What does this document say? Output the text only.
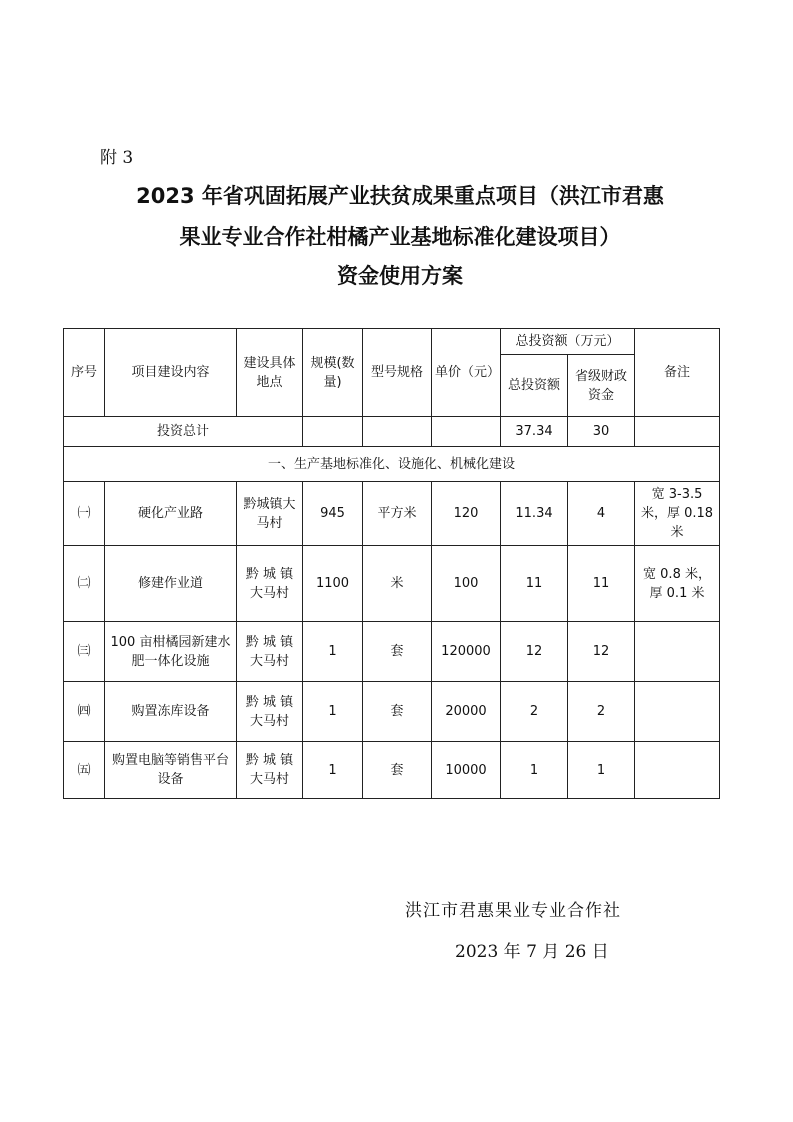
附 3
2023 年省巩固拓展产业扶贫成果重点项目（洪江市君惠
果业专业合作社柑橘产业基地标准化建设项目）
资金使用方案
序号	项目建设内容	建设具体地点	规模(数量)	型号规格	单价（元）	总投资额（万元）		备注
						总投资额	省级财政资金	
投资总计						37.34	30	
一、生产基地标准化、设施化、机械化建设								
㈠	硬化产业路	黔城镇大马村	945	平方米	120	11.34	4	宽 3-3.5 米，厚 0.18 米
㈡	修建作业道	黔 城 镇大马村	1100	米	100	11	11	宽 0.8 米，厚 0.1 米
㈢	100 亩柑橘园新建水肥一体化设施	黔 城 镇大马村	1	套	120000	12	12	
㈣	购置冻库设备	黔 城 镇大马村	1	套	20000	2	2	
㈤	购置电脑等销售平台设备	黔 城 镇大马村	1	套	10000	1	1	
洪江市君惠果业专业合作社
2023 年 7 月 26 日
